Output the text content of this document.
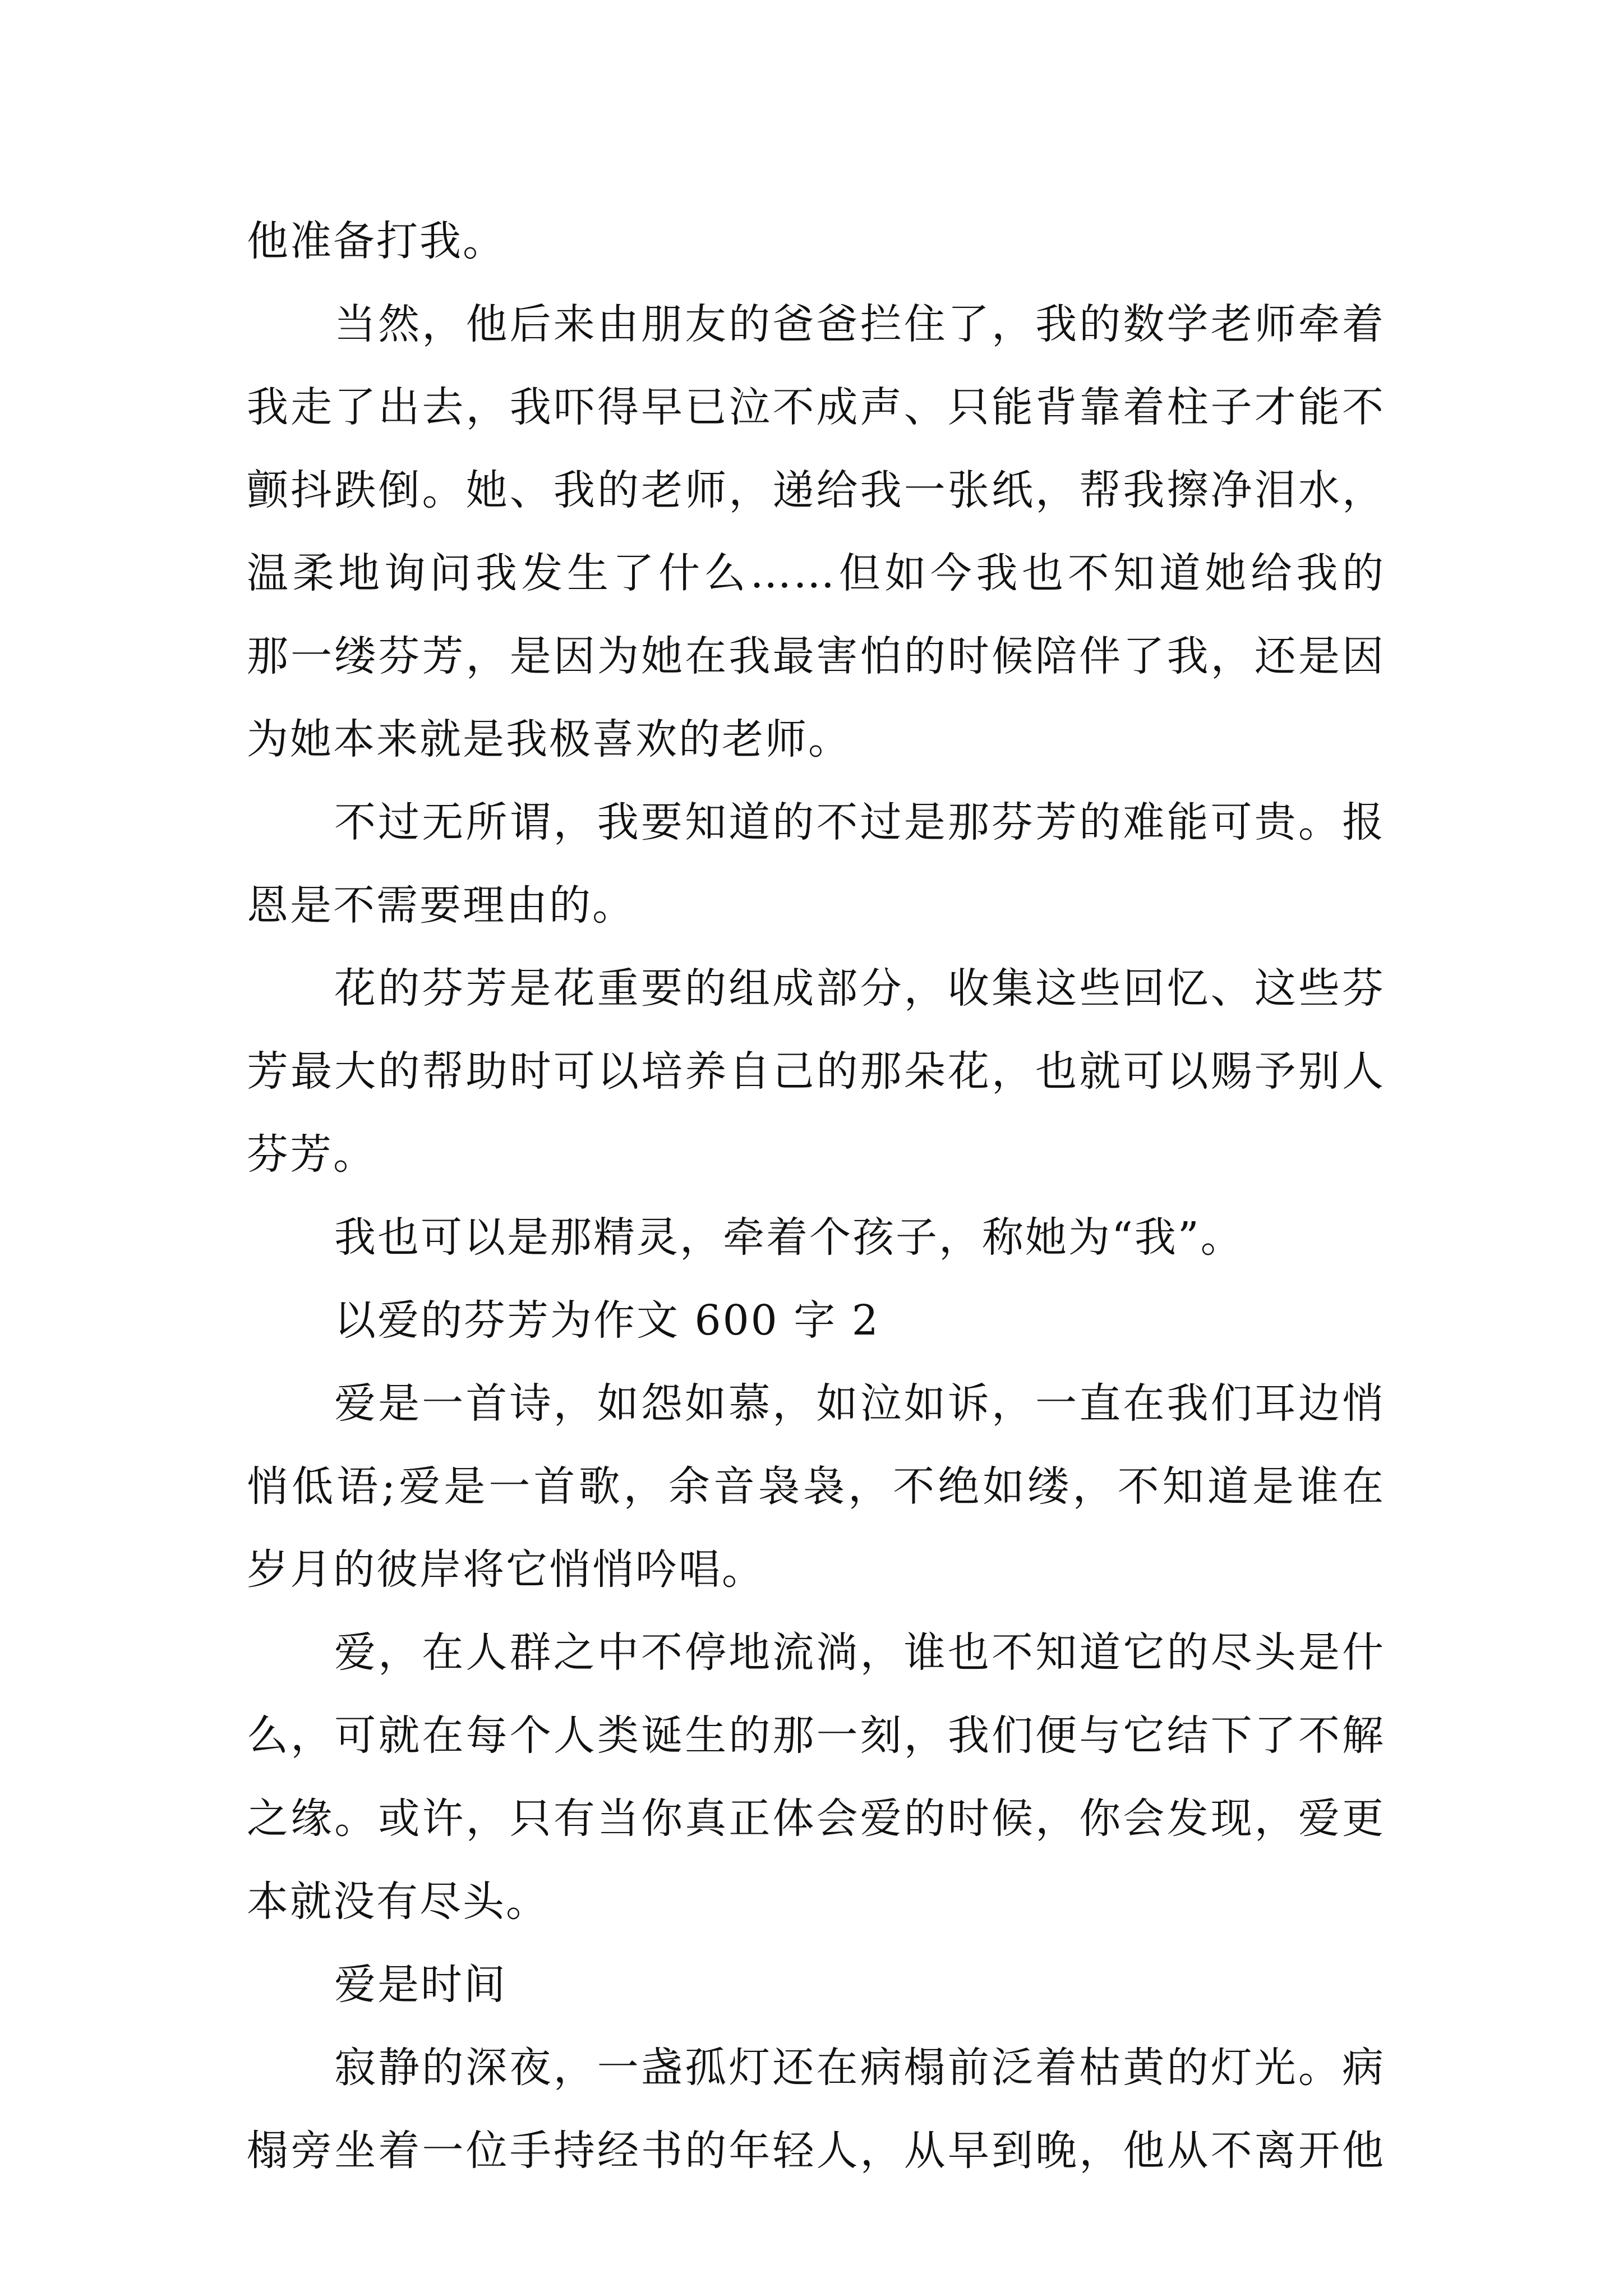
他准备打我。
当然，他后来由朋友的爸爸拦住了，我的数学老师牵着
我走了出去，我吓得早已泣不成声、只能背靠着柱子才能不
颤抖跌倒。她、我的老师，递给我一张纸，帮我擦净泪水，
温柔地询问我发生了什么……但如今我也不知道她给我的
那一缕芬芳，是因为她在我最害怕的时候陪伴了我，还是因
为她本来就是我极喜欢的老师。
不过无所谓，我要知道的不过是那芬芳的难能可贵。报
恩是不需要理由的。
花的芬芳是花重要的组成部分，收集这些回忆、这些芬
芳最大的帮助时可以培养自己的那朵花，也就可以赐予别人
芬芳。
我也可以是那精灵，牵着个孩子，称她为“我”。
以爱的芬芳为作文 600 字 2
爱是一首诗，如怨如慕，如泣如诉，一直在我们耳边悄
悄低语;爱是一首歌，余音袅袅，不绝如缕，不知道是谁在
岁月的彼岸将它悄悄吟唱。
爱，在人群之中不停地流淌，谁也不知道它的尽头是什
么，可就在每个人类诞生的那一刻，我们便与它结下了不解
之缘。或许，只有当你真正体会爱的时候，你会发现，爱更
本就没有尽头。
爱是时间
寂静的深夜，一盏孤灯还在病榻前泛着枯黄的灯光。病
榻旁坐着一位手持经书的年轻人，从早到晚，他从不离开他
